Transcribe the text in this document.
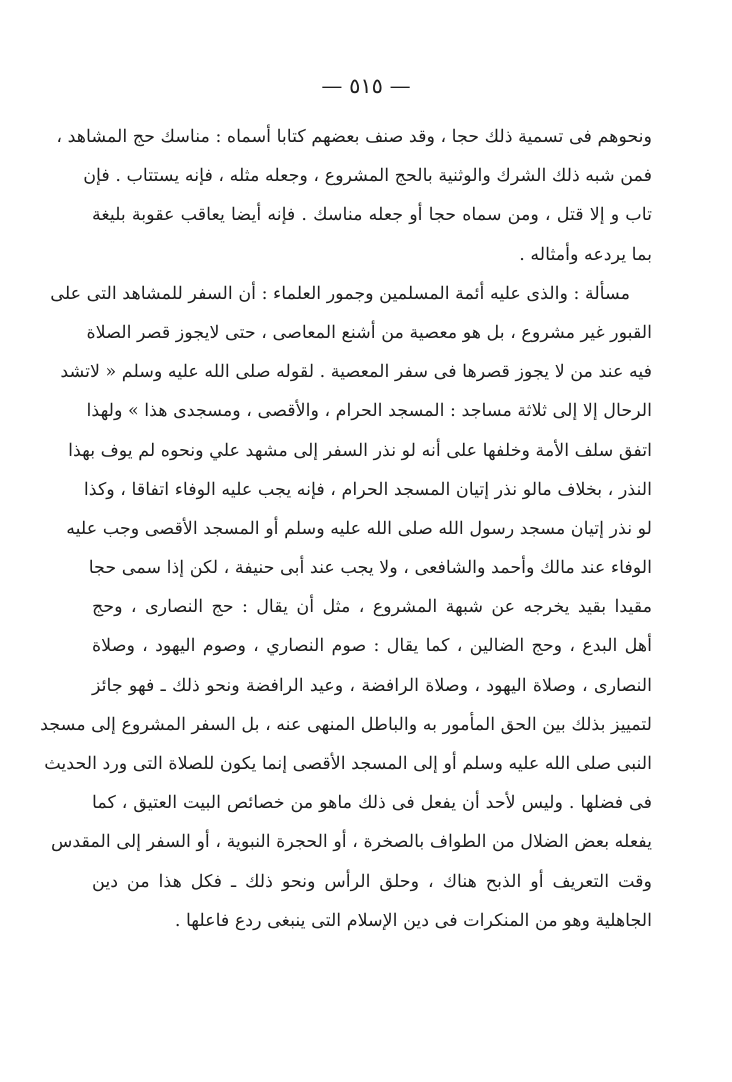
— ٥١٥ —
ونحوهم فى تسمية ذلك حجا ، وقد صنف بعضهم كتابا أسماه : مناسك حج المشاهد ،
فمن شبه ذلك الشرك والوثنية بالحج المشروع ، وجعله مثله ، فإنه يستتاب . فإن
تاب و إلا قتل ، ومن سماه حجا أو جعله مناسك . فإنه أيضا يعاقب عقوبة بليغة
بما يردعه وأمثاله .
مسألة : والذى عليه أئمة المسلمين وجمور العلماء : أن السفر للمشاهد التى على
القبور غير مشروع ، بل هو معصية من أشنع المعاصى ، حتى لايجوز قصر الصلاة
فيه عند من لا يجوز قصرها فى سفر المعصية . لقوله صلى الله عليه وسلم « لاتشد
الرحال إلا إلى ثلاثة مساجد : المسجد الحرام ، والأقصى ، ومسجدى هذا » ولهذا
اتفق سلف الأمة وخلفها على أنه لو نذر السفر إلى مشهد علي ونحوه لم يوف بهذا
النذر ، بخلاف مالو نذر إتيان المسجد الحرام ، فإنه يجب عليه الوفاء اتفاقا ، وكذا
لو نذر إتيان مسجد رسول الله صلى الله عليه وسلم أو المسجد الأقصى وجب عليه
الوفاء عند مالك وأحمد والشافعى ، ولا يجب عند أبى حنيفة ، لكن إذا سمى حجا
مقيدا بقيد يخرجه عن شبهة المشروع ، مثل أن يقال : حج النصارى ، وحج
أهل البدع ، وحج الضالين ، كما يقال : صوم النصاري ، وصوم اليهود ، وصلاة
النصارى ، وصلاة اليهود ، وصلاة الرافضة ، وعيد الرافضة ونحو ذلك ـ فهو جائز
لتمييز بذلك بين الحق المأمور به والباطل المنهى عنه ، بل السفر المشروع إلى مسجد
النبى صلى الله عليه وسلم أو إلى المسجد الأقصى إنما يكون للصلاة التى ورد الحديث
فى فضلها . وليس لأحد أن يفعل فى ذلك ماهو من خصائص البيت العتيق ، كما
يفعله بعض الضلال من الطواف بالصخرة ، أو الحجرة النبوية ، أو السفر إلى المقدس
وقت التعريف أو الذبح هناك ، وحلق الرأس ونحو ذلك ـ فكل هذا من دين
الجاهلية وهو من المنكرات فى دين الإسلام التى ينبغى ردع فاعلها .
